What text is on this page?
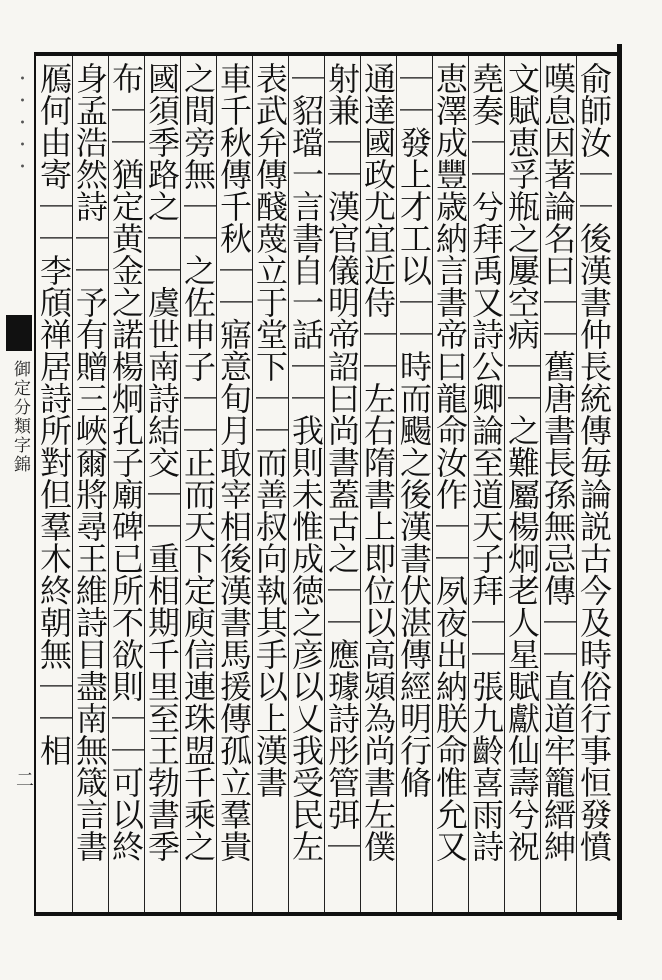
・・・・・
御定分類字錦
二	俞師汝｜｜後漢書仲長統傳毎論説古今及時俗行事恒發憤
嘆息因著論名曰｜｜舊唐書長孫無忌傳｜｜直道牢籠縉紳
文賦恵孚瓶之屢空病｜｜之難屬楊炯老人星賦獻仙壽兮祝
堯奏｜｜兮拜禹又詩公卿論至道天子拜｜｜張九齡喜雨詩
恵澤成豐歳納言書帝曰龍命汝作｜｜夙夜出納朕命惟允又
｜｜發上才工以｜｜時而颺之後漢書伏湛傳經明行脩
通達國政尤宜近侍｜｜左右隋書上即位以高熲為尚書左僕
射兼｜｜漢官儀明帝詔曰尚書蓋古之｜｜應璩詩彤管弭｜
｜貂璫一言書自一話｜｜我則未惟成徳之彦以乂我受民左
表武弁傳醆蔑立于堂下｜｜而善叔向執其手以上漢書
車千秋傳千秋｜｜寤意旬月取宰相後漢書馬援傳孤立羣貴
之間旁無｜｜之佐申子｜｜正而天下定庾信連珠盟千乘之
國須季路之｜｜虞世南詩結交｜｜重相期千里至王勃書季
布｜｜猶定黄金之諾楊炯孔子廟碑已所不欲則｜｜可以終
身孟浩然詩｜｜予有贈三峽爾將尋王維詩目盡南無箴言書
鴈何由寄｜｜李頎禅居詩所對但羣木終朝無｜｜相
